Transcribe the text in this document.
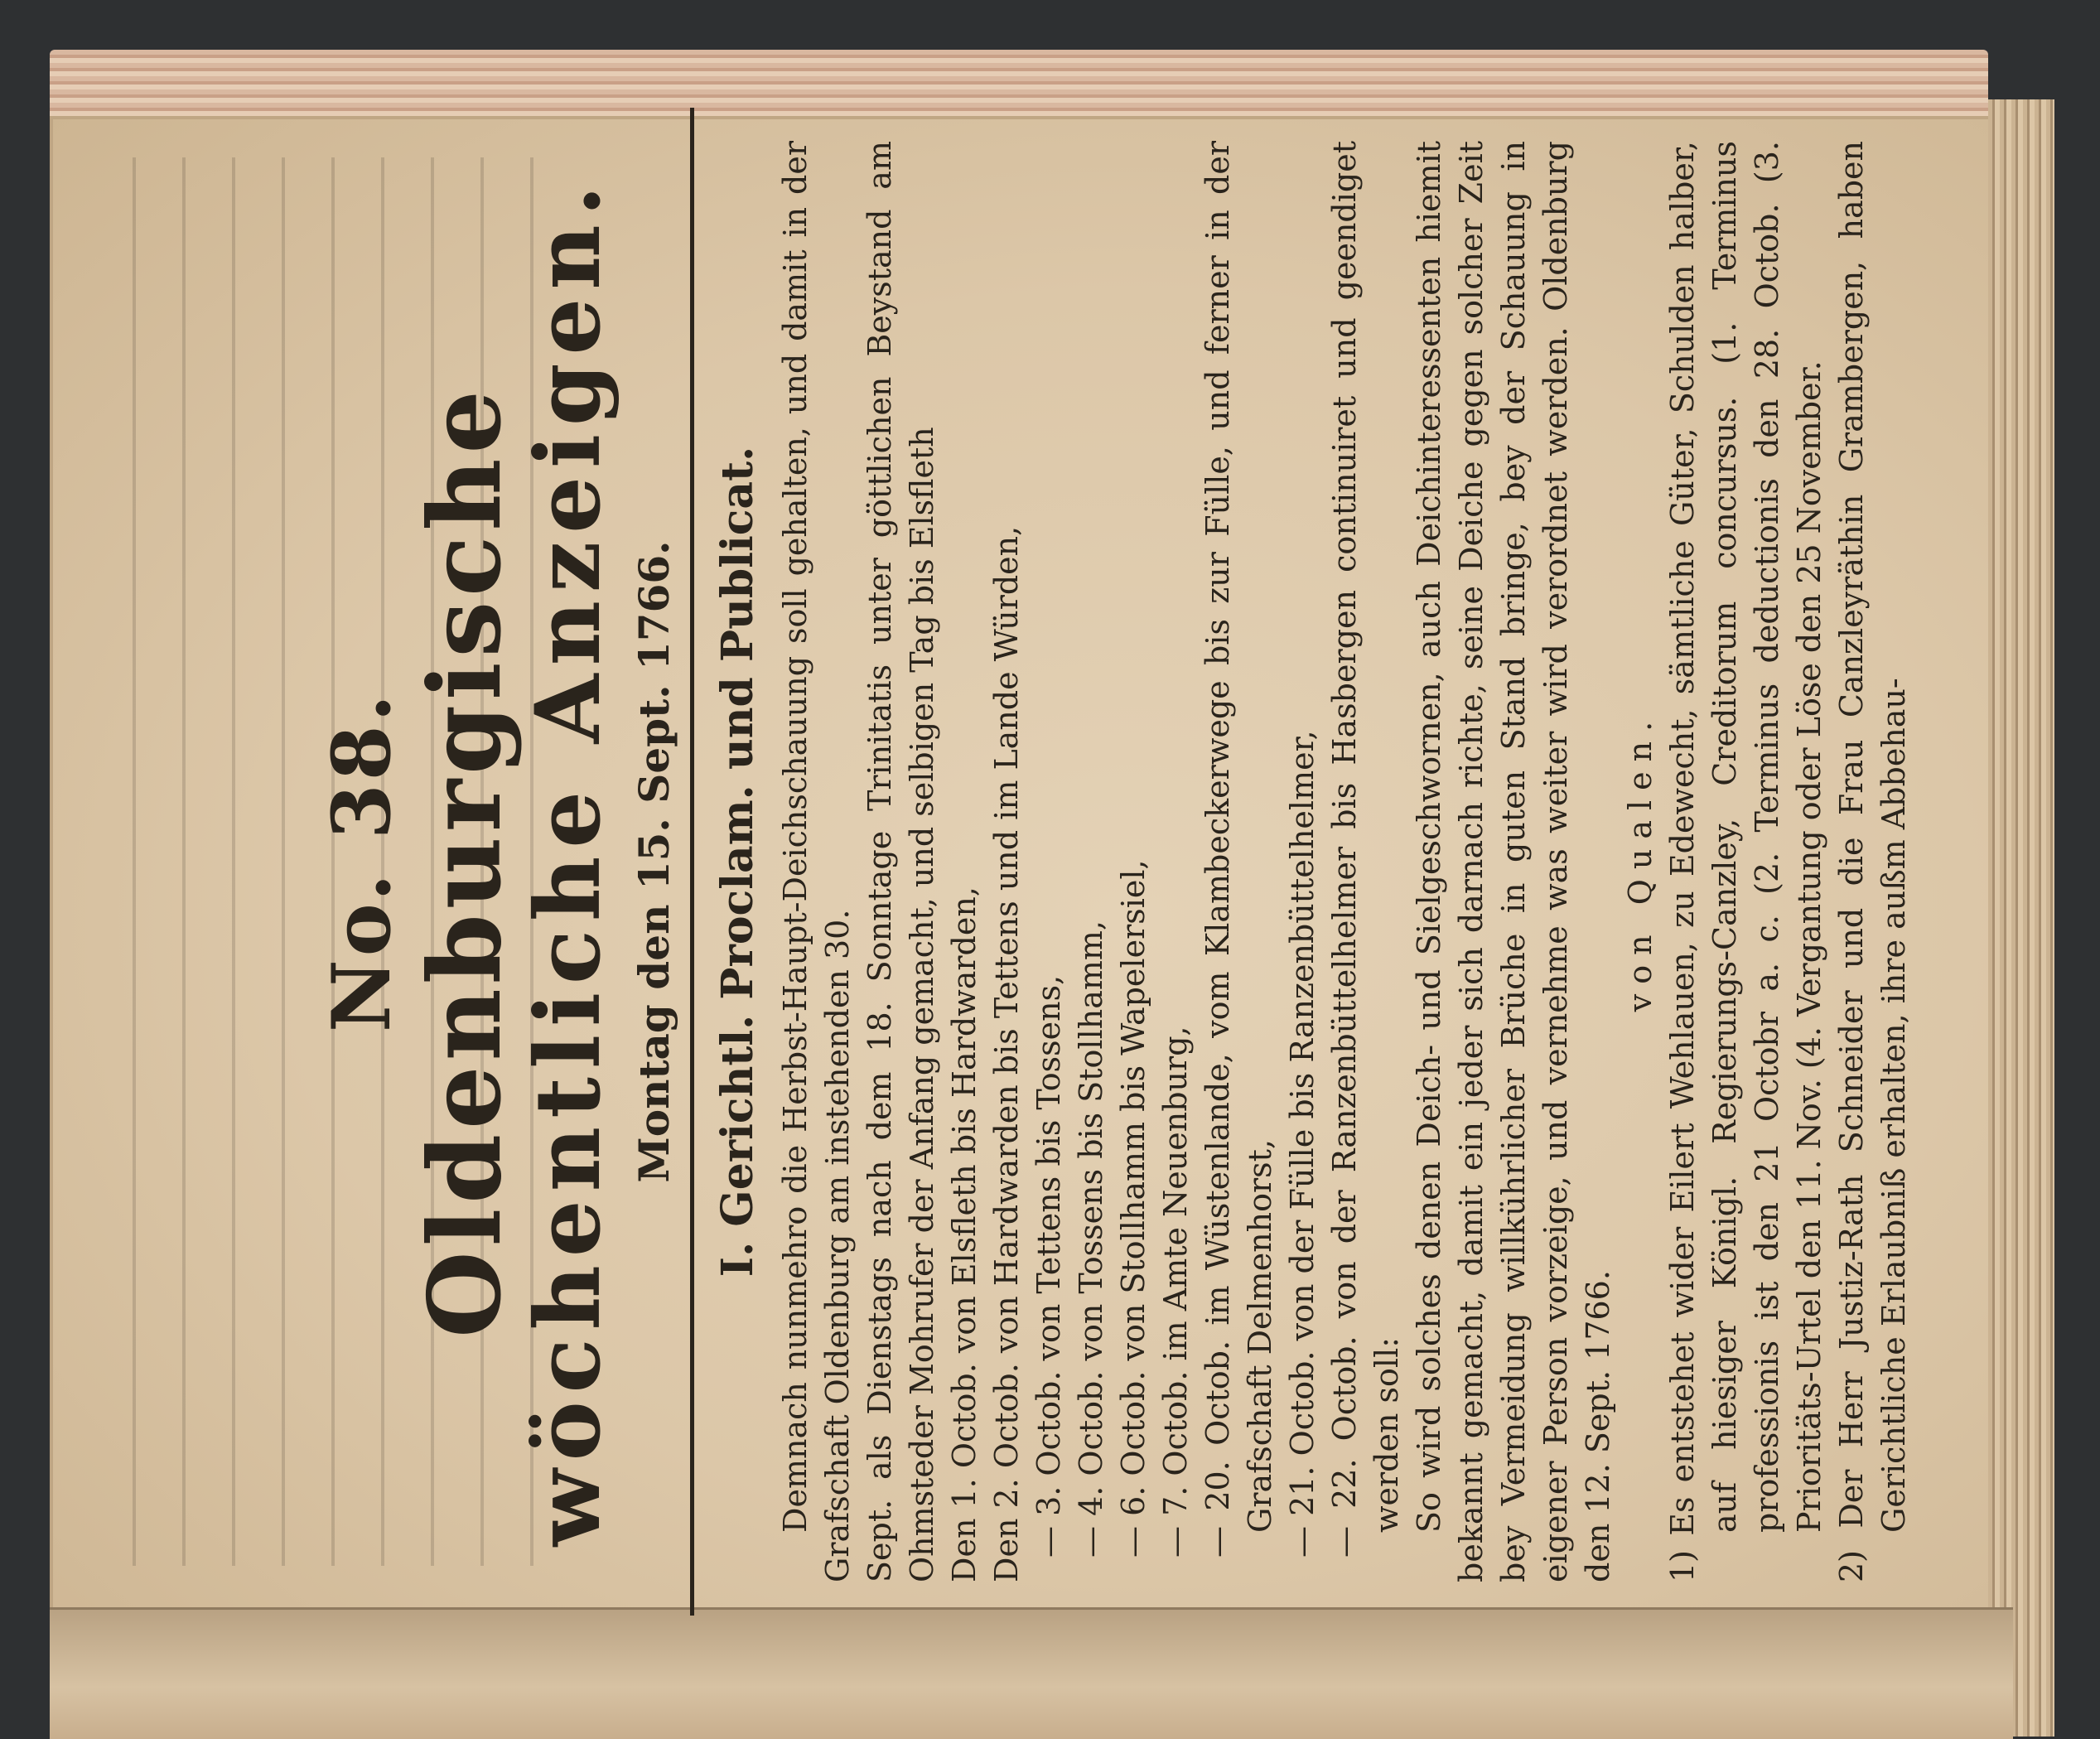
No. 38.
Oldenburgische
wöchentliche Anzeigen. Montag den 15. Sept. 1766. I. Gerichtl. Proclam. und Publicat. Demnach nunmehro die Herbst-Haupt-Deichschauung soll gehalten, und damit in der Grafschaft Oldenburg am instehenden 30. Sept. als Dienstags nach dem 18. Sonntage Trinitatis unter göttlichen Beystand am Ohmsteder Mohrufer der Anfang gemacht, und selbigen Tag bis Elsfleth Den 1. Octob. von Elsfleth bis Hardwarden, Den 2. Octob. von Hardwarden bis Tettens und im Lande Würden, — 3. Octob. von Tettens bis Tossens, — 4. Octob. von Tossens bis Stollhamm, — 6. Octob. von Stollhamm bis Wapelersiel, — 7. Octob. im Amte Neuenburg, — 20. Octob. im Wüstenlande, vom Klambeckerwege bis zur Fülle, und ferner in der Grafschaft Delmenhorst, — 21. Octob. von der Fülle bis Ranzenbüttelhelmer, — 22. Octob. von der Ranzenbüttelhelmer bis Hasbergen continuiret und geendiget werden soll: So wird solches denen Deich- und Sielgeschwornen, auch Deichinteressenten hiemit bekannt gemacht, damit ein jeder sich darnach richte, seine Deiche gegen solcher Zeit bey Vermeidung willkührlicher Brüche in guten Stand bringe, bey der Schauung in eigener Person vorzeige, und vernehme was weiter wird verordnet werden. Oldenburg den 12. Sept. 1766.

von Qualen. 1) Es entstehet wider Eilert Wehlauen, zu Edewecht, sämtliche Güter, Schulden halber, auf hiesiger Königl. Regierungs-Canzley, Creditorum concursus. (1. Terminus professionis ist den 21 Octobr a. c. (2. Terminus deductionis den 28. Octob. (3. Prioritäts-Urtel den 11. Nov. (4. Vergantung oder Löse den 25 November. 2) Der Herr Justiz-Rath Schneider und die Frau Canzleyräthin Grambergen, haben Gerichtliche Erlaubniß erhalten, ihre außm Abbehau-
